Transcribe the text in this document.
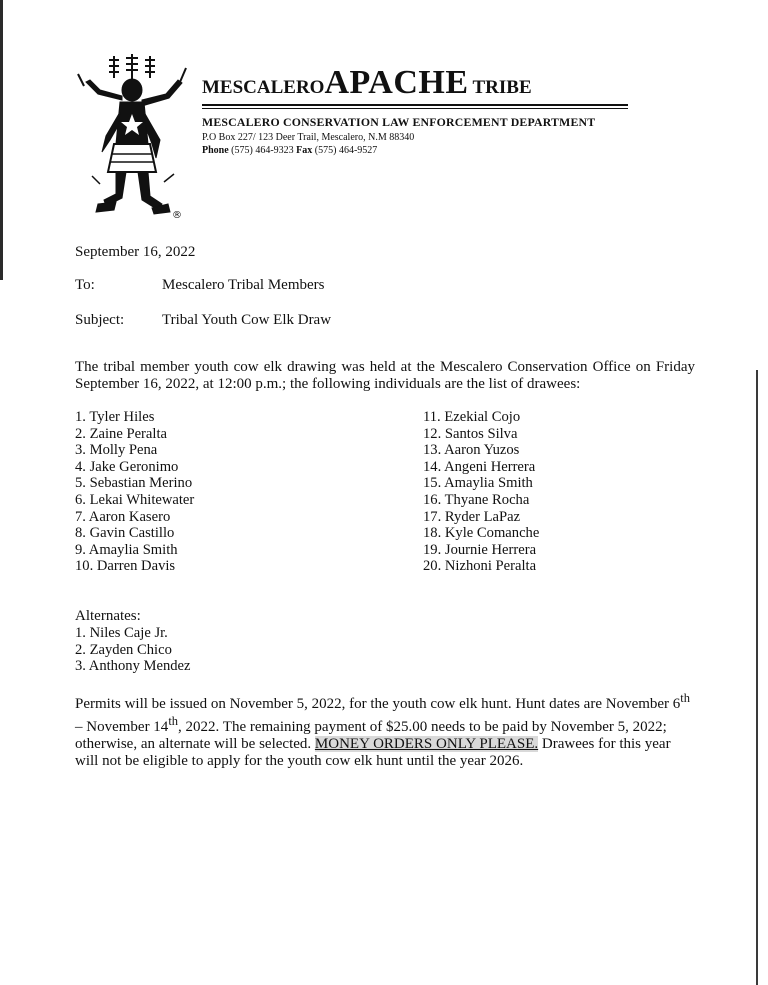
®
MESCALEROAPACHE TRIBE
MESCALERO CONSERVATION LAW ENFORCEMENT DEPARTMENT
P.O Box 227/ 123 Deer Trail, Mescalero, N.M 88340
Phone (575) 464-9323 Fax (575) 464-9527
September 16, 2022
To:	Mescalero Tribal Members
Subject:	Tribal Youth Cow Elk Draw
The tribal member youth cow elk drawing was held at the Mescalero Conservation Office on Friday September 16, 2022, at 12:00 p.m.; the following individuals are the list of drawees:
1. Tyler Hiles
2. Zaine Peralta
3. Molly Pena
4. Jake Geronimo
5. Sebastian Merino
6. Lekai Whitewater
7. Aaron Kasero
8. Gavin Castillo
9. Amaylia Smith
10. Darren Davis
11. Ezekial Cojo
12. Santos Silva
13. Aaron Yuzos
14. Angeni Herrera
15. Amaylia Smith
16. Thyane Rocha
17. Ryder LaPaz
18. Kyle Comanche
19. Journie Herrera
20. Nizhoni Peralta
Alternates:
1. Niles Caje Jr.
2. Zayden Chico
3. Anthony Mendez
Permits will be issued on November 5, 2022, for the youth cow elk hunt. Hunt dates are November 6th – November 14th, 2022. The remaining payment of $25.00 needs to be paid by November 5, 2022; otherwise, an alternate will be selected. MONEY ORDERS ONLY PLEASE. Drawees for this year will not be eligible to apply for the youth cow elk hunt until the year 2026.
